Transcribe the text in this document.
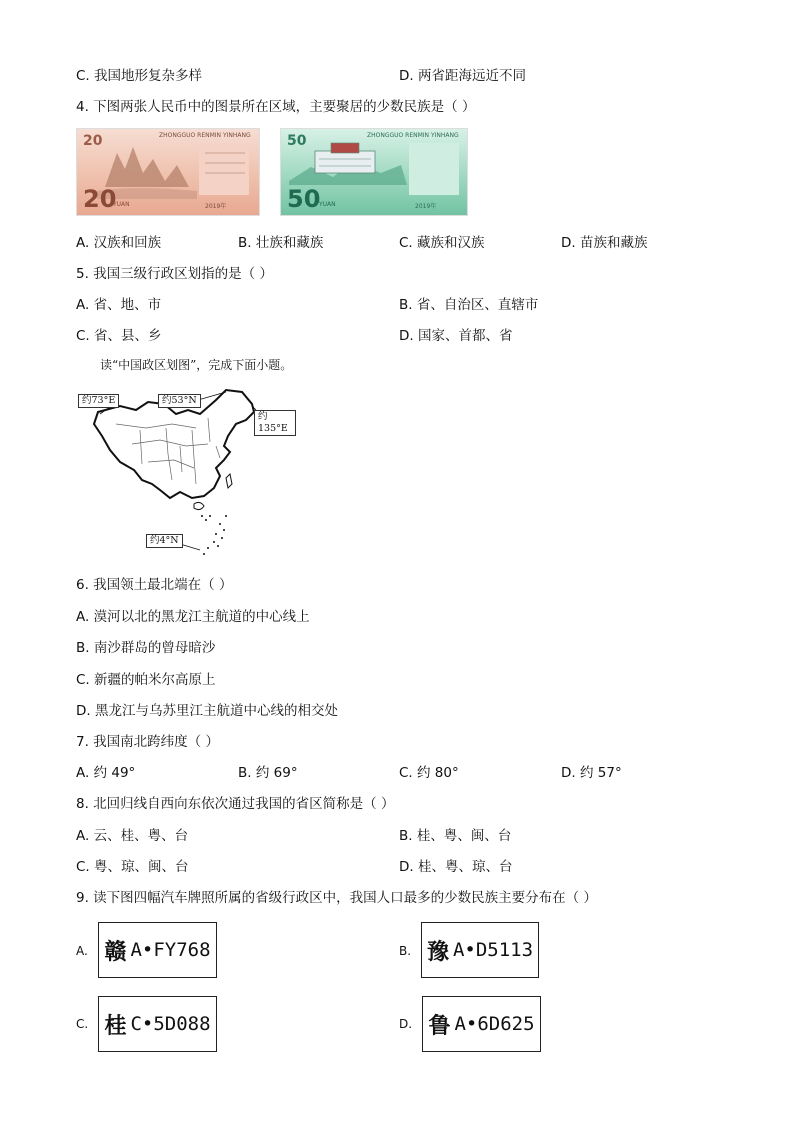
C. 我国地形复杂多样	D. 两省距海远近不同
4. 下图两张人民币中的图景所在区域，主要聚居的少数民族是（ ）
ZHONGGUO RENMIN YINHANG
20
20
YUAN	2019年
ZHONGGUO RENMIN YINHANG
50
50
YUAN	2019年
A. 汉族和回族	B. 壮族和藏族	C. 藏族和汉族	D. 苗族和藏族
5. 我国三级行政区划指的是（ ）
A. 省、地、市	B. 省、自治区、直辖市
C. 省、县、乡	D. 国家、首都、省
读“中国政区划图”，完成下面小题。
约73°E	约53°N
约135°E
约4°N
6. 我国领土最北端在（ ）
A. 漠河以北的黑龙江主航道的中心线上
B. 南沙群岛的曾母暗沙
C. 新疆的帕米尔高原上
D. 黑龙江与乌苏里江主航道中心线的相交处
7. 我国南北跨纬度（ ）
A. 约 49°	B. 约 69°	C. 约 80°	D. 约 57°
8. 北回归线自西向东依次通过我国的省区简称是（ ）
A. 云、桂、粤、台	B. 桂、粤、闽、台
C. 粤、琼、闽、台	D. 桂、粤、琼、台
9. 读下图四幅汽车牌照所属的省级行政区中，我国人口最多的少数民族主要分布在（ ）
A. 赣 A•FY768	B. 豫 A•D5113
C. 桂 C•5D088	D. 鲁 A•6D625
